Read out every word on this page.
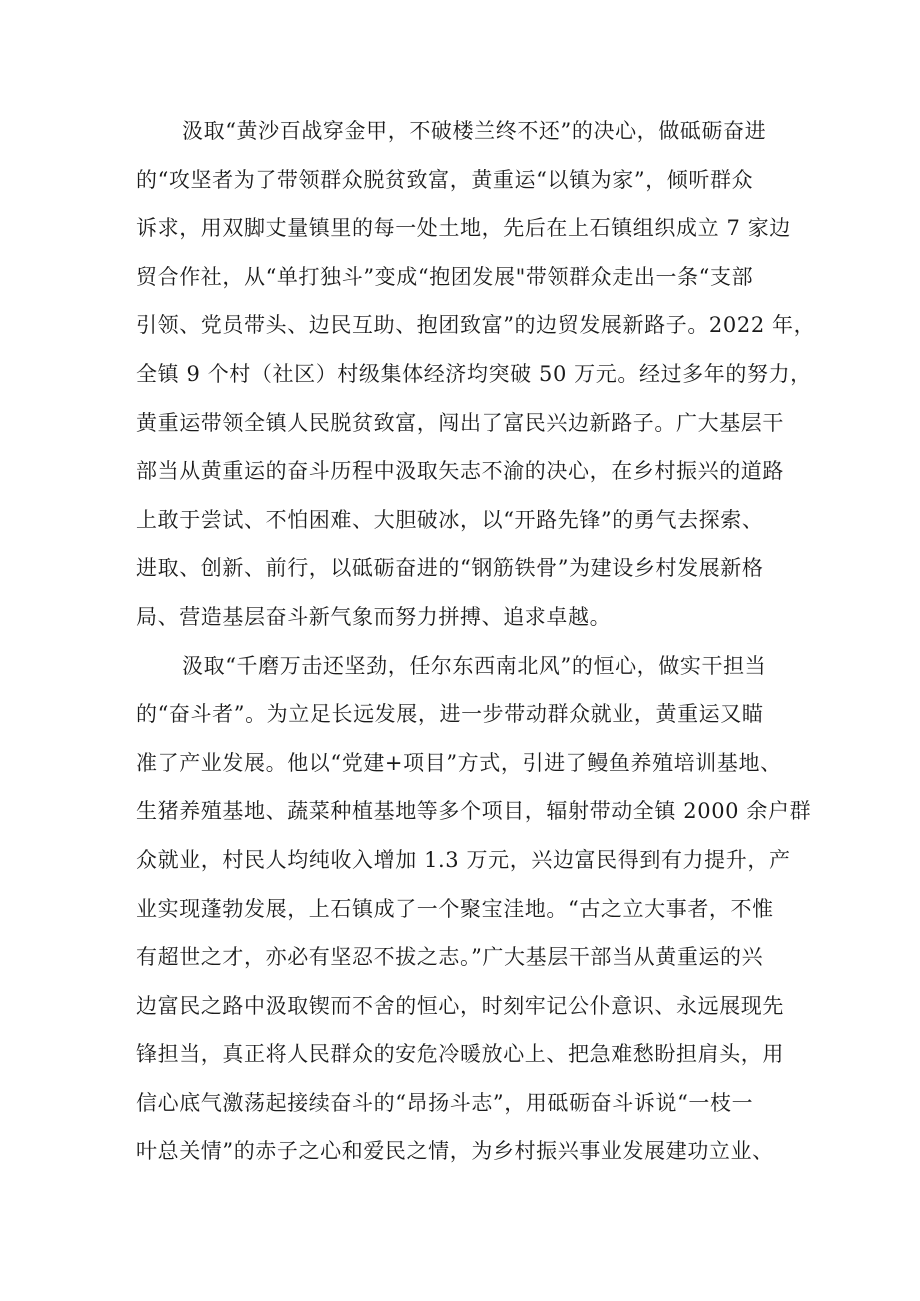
汲取“黄沙百战穿金甲，不破楼兰终不还”的决心，做砥砺奋进
的“攻坚者为了带领群众脱贫致富，黄重运“以镇为家”，倾听群众
诉求，用双脚丈量镇里的每一处土地，先后在上石镇组织成立 7 家边
贸合作社，从“单打独斗”变成“抱团发展"带领群众走出一条“支部
引领、党员带头、边民互助、抱团致富”的边贸发展新路子。2022 年，
全镇 9 个村（社区）村级集体经济均突破 50 万元。经过多年的努力，
黄重运带领全镇人民脱贫致富，闯出了富民兴边新路子。广大基层干
部当从黄重运的奋斗历程中汲取矢志不渝的决心，在乡村振兴的道路
上敢于尝试、不怕困难、大胆破冰，以“开路先锋”的勇气去探索、
进取、创新、前行，以砥砺奋进的“钢筋铁骨”为建设乡村发展新格
局、营造基层奋斗新气象而努力拼搏、追求卓越。
汲取“千磨万击还坚劲，任尔东西南北风”的恒心，做实干担当
的“奋斗者”。为立足长远发展，进一步带动群众就业，黄重运又瞄
准了产业发展。他以“党建+项目”方式，引进了鳗鱼养殖培训基地、
生猪养殖基地、蔬菜种植基地等多个项目，辐射带动全镇 2000 余户群
众就业，村民人均纯收入增加 1.3 万元，兴边富民得到有力提升，产
业实现蓬勃发展，上石镇成了一个聚宝洼地。“古之立大事者，不惟
有超世之才，亦必有坚忍不拔之志。”广大基层干部当从黄重运的兴
边富民之路中汲取锲而不舍的恒心，时刻牢记公仆意识、永远展现先
锋担当，真正将人民群众的安危冷暖放心上、把急难愁盼担肩头，用
信心底气激荡起接续奋斗的“昂扬斗志”，用砥砺奋斗诉说“一枝一
叶总关情”的赤子之心和爱民之情，为乡村振兴事业发展建功立业、
